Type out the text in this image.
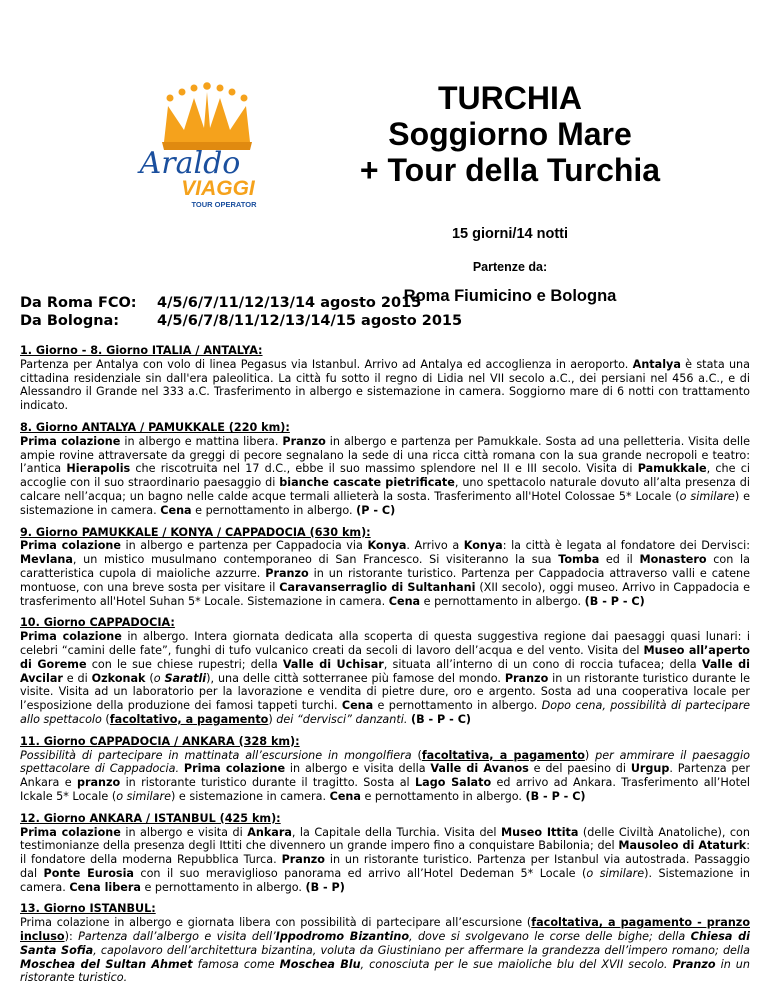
Araldo
VIAGGI
TOUR OPERATOR
TURCHIA
Soggiorno Mare
+ Tour della Turchia
15 giorni/14 notti
Partenze da:
Roma Fiumicino e Bologna
Da Roma FCO:	4/5/6/7/11/12/13/14 agosto 2015
Da Bologna:	4/5/6/7/8/11/12/13/14/15 agosto 2015
1. Giorno - 8. Giorno ITALIA / ANTALYA:

Partenza per Antalya con volo di linea Pegasus via Istanbul. Arrivo ad Antalya ed accoglienza in aeroporto. Antalya è stata una cittadina residenziale sin dall'era paleolitica. La città fu sotto il regno di Lidia nel VII secolo a.C., dei persiani nel 456 a.C., e di Alessandro il Grande nel 333 a.C. Trasferimento in albergo e sistemazione in camera. Soggiorno mare di 6 notti con trattamento indicato.

8. Giorno ANTALYA / PAMUKKALE (220 km):

Prima colazione in albergo e mattina libera. Pranzo in albergo e partenza per Pamukkale. Sosta ad una pelletteria. Visita delle ampie rovine attraversate da greggi di pecore segnalano la sede di una ricca città romana con la sua grande necropoli e teatro: l’antica Hierapolis che riscotruita nel 17 d.C., ebbe il suo massimo splendore nel II e III secolo. Visita di Pamukkale, che ci accoglie con il suo straordinario paesaggio di bianche cascate pietrificate, uno spettacolo naturale dovuto all’alta presenza di calcare nell’acqua; un bagno nelle calde acque termali allieterà la sosta. Trasferimento all'Hotel Colossae 5* Locale (o similare) e sistemazione in camera. Cena e pernottamento in albergo. (P - C)

9. Giorno PAMUKKALE / KONYA / CAPPADOCIA (630 km):

Prima colazione in albergo e partenza per Cappadocia via Konya. Arrivo a Konya: la città è legata al fondatore dei Dervisci: Mevlana, un mistico musulmano contemporaneo di San Francesco. Si visiteranno la sua Tomba ed il Monastero con la caratteristica cupola di maioliche azzurre. Pranzo in un ristorante turistico. Partenza per Cappadocia attraverso valli e catene montuose, con una breve sosta per visitare il Caravanserraglio di Sultanhani (XII secolo), oggi museo. Arrivo in Cappadocia e trasferimento all'Hotel Suhan 5* Locale. Sistemazione in camera. Cena e pernottamento in albergo. (B - P - C)

10. Giorno CAPPADOCIA:

Prima colazione in albergo. Intera giornata dedicata alla scoperta di questa suggestiva regione dai paesaggi quasi lunari: i celebri “camini delle fate”, funghi di tufo vulcanico creati da secoli di lavoro dell’acqua e del vento. Visita del Museo all’aperto di Goreme con le sue chiese rupestri; della Valle di Uchisar, situata all’interno di un cono di roccia tufacea; della Valle di Avcilar e di Ozkonak (o Saratli), una delle città sotterranee più famose del mondo. Pranzo in un ristorante turistico durante le visite. Visita ad un laboratorio per la lavorazione e vendita di pietre dure, oro e argento. Sosta ad una cooperativa locale per l’esposizione della produzione dei famosi tappeti turchi. Cena e pernottamento in albergo. Dopo cena, possibilità di partecipare allo spettacolo (facoltativo, a pagamento) dei “dervisci” danzanti. (B - P - C)

11. Giorno CAPPADOCIA / ANKARA (328 km):

Possibilità di partecipare in mattinata all’escursione in mongolfiera (facoltativa, a pagamento) per ammirare il paesaggio spettacolare di Cappadocia. Prima colazione in albergo e visita della Valle di Avanos e del paesino di Urgup. Partenza per Ankara e pranzo in ristorante turistico durante il tragitto. Sosta al Lago Salato ed arrivo ad Ankara. Trasferimento all’Hotel Ickale 5* Locale (o similare) e sistemazione in camera. Cena e pernottamento in albergo. (B - P - C)

12. Giorno ANKARA / ISTANBUL (425 km):

Prima colazione in albergo e visita di Ankara, la Capitale della Turchia. Visita del Museo Ittita (delle Civiltà Anatoliche), con testimonianze della presenza degli Ittiti che divennero un grande impero fino a conquistare Babilonia; del Mausoleo di Ataturk: il fondatore della moderna Repubblica Turca. Pranzo in un ristorante turistico. Partenza per Istanbul via autostrada. Passaggio dal Ponte Eurosia con il suo meraviglioso panorama ed arrivo all’Hotel Dedeman 5* Locale (o similare). Sistemazione in camera. Cena libera e pernottamento in albergo. (B - P)

13. Giorno ISTANBUL:

Prima colazione in albergo e giornata libera con possibilità di partecipare all’escursione (facoltativa, a pagamento - pranzo incluso): Partenza dall’albergo e visita dell’Ippodromo Bizantino, dove si svolgevano le corse delle bighe; della Chiesa di Santa Sofia, capolavoro dell’architettura bizantina, voluta da Giustiniano per affermare la grandezza dell’impero romano; della Moschea del Sultan Ahmet famosa come Moschea Blu, conosciuta per le sue maioliche blu del XVII secolo. Pranzo in un ristorante turistico.
